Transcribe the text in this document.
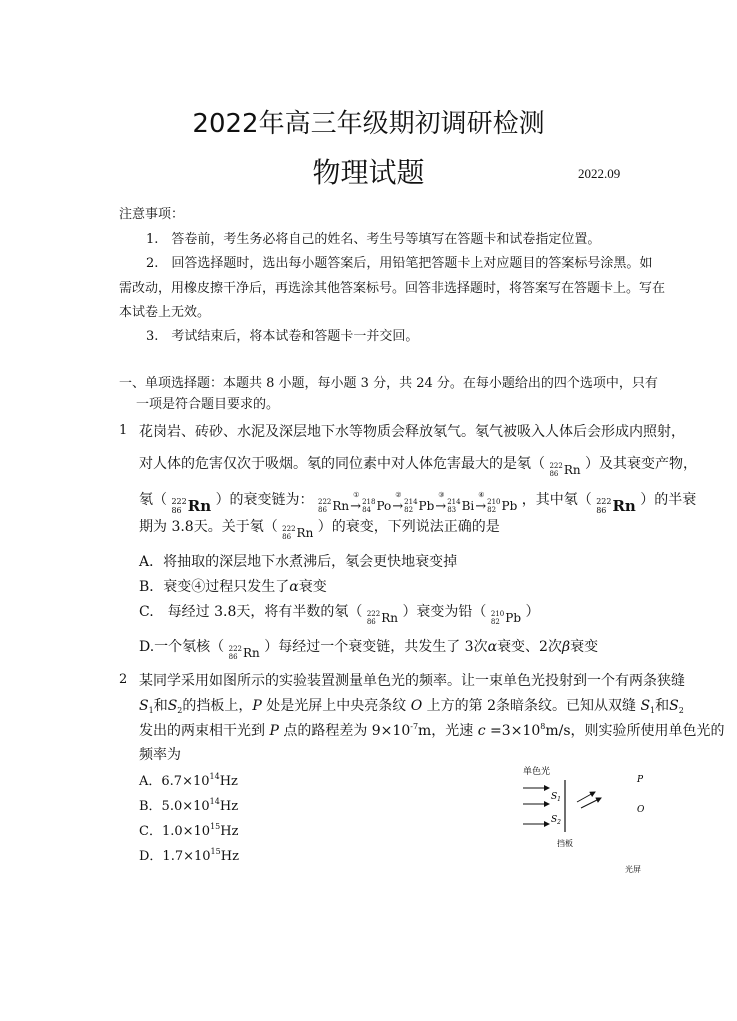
2022年高三年级期初调研检测
物理试题	2022.09
注意事项：
1.　答卷前，考生务必将自己的姓名、考生号等填写在答题卡和试卷指定位置。
2.　回答选择题时，选出每小题答案后，用铅笔把答题卡上对应题目的答案标号涂黑。如
需改动，用橡皮擦干净后，再选涂其他答案标号。回答非选择题时，将答案写在答题卡上。写在
本试卷上无效。
3.　考试结束后，将本试卷和答题卡一并交回。
一、单项选择题：本题共 8 小题，每小题 3 分，共 24 分。在每小题给出的四个选项中，只有
一项是符合题目要求的。
1 花岗岩、砖砂、水泥及深层地下水等物质会释放氡气。氡气被吸入人体后会形成内照射，
对人体的危害仅次于吸烟。氡的同位素中对人体危害最大的是氡（ 222
86 Rn ）及其衰变产物，
氡（ 222
86 Rn ）的衰变链为： 222
86 Rn
①
→ 218
84 Po
②
→ 214
82 Pb
③
→ 214
83 Bi
④
→ 210
82 Pb ，其中氡（ 222
86 Rn ）的半衰
期为 3.8天。关于氡（ 222
86 Rn ）的衰变，下列说法正确的是
A．将抽取的深层地下水煮沸后，氡会更快地衰变掉
B．衰变④过程只发生了α衰变
C.　每经过 3.8天，将有半数的氡（ 222
86 Rn ）衰变为铅（ 210
82 Pb ）
D.一个氡核（ 222
86 Rn ）每经过一个衰变链，共发生了 3次α衰变、2次β衰变
2 某同学采用如图所示的实验装置测量单色光的频率。让一束单色光投射到一个有两条狭缝
$S_1$和$S_2$的挡板上，P 处是光屏上中央亮条纹 O 上方的第 2条暗条纹。已知从双缝 $S_1$和$S_2$
发出的两束相干光到 P 点的路程差为 $9\times 10^{-7}m$，光速 $c =3\times 10^8m/s$，则实验所使用单色光的
频率为
A．$6.7\times 10^{14}Hz$
B．$5.0\times 10^{14}Hz$
C．$1.0\times 10^{15}Hz$
D．$1.7\times 10^{15}Hz$
单色光
$S_1$
$S_2$
P
O
挡板
光屏
